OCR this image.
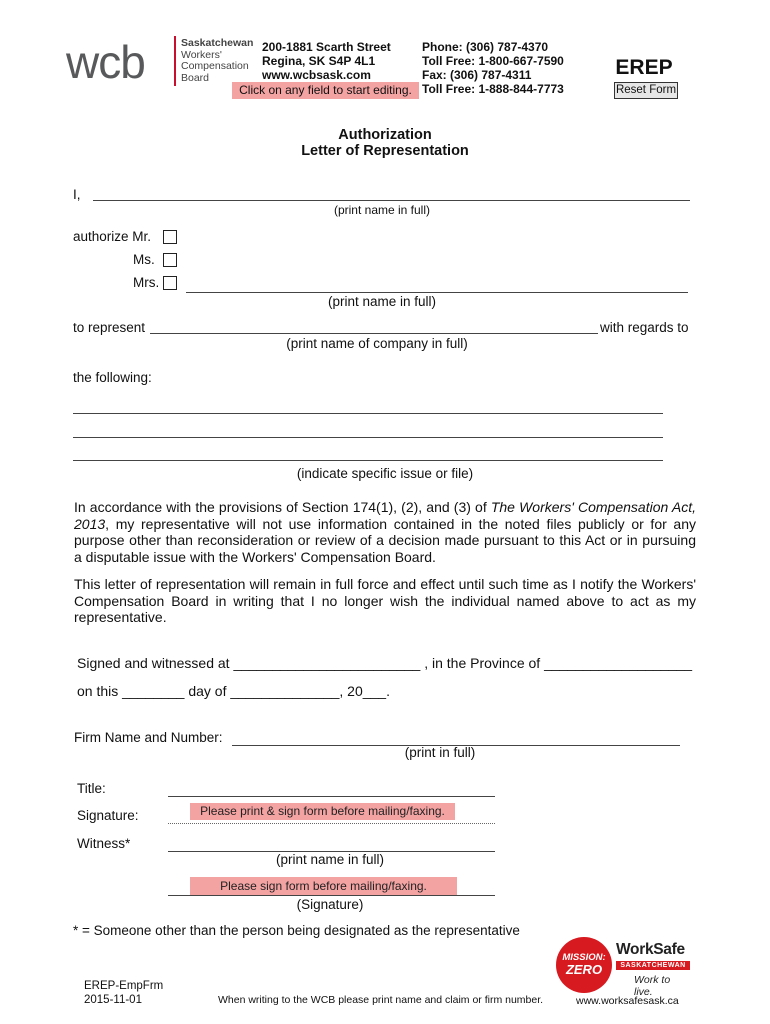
wcb	Saskatchewan
Workers'
Compensation
Board
200-1881 Scarth Street
Regina, SK S4P 4L1
www.wcbsask.com
Phone: (306) 787-4370
Toll Free: 1-800-667-7590
Fax: (306) 787-4311
Toll Free: 1-888-844-7773
Click on any field to start editing.
EREP
Reset Form
Authorization
Letter of Representation
I,
(print name in full)
authorize Mr.
Ms.
Mrs.
(print name in full)
to represent	with regards to
(print name of company in full)
the following:
(indicate specific issue or file)
In accordance with the provisions of Section 174(1), (2), and (3) of The Workers' Compensation Act, 2013, my representative will not use information contained in the noted files publicly or for any purpose other than reconsideration or review of a decision made pursuant to this Act or in pursuing a disputable issue with the Workers' Compensation Board.
This letter of representation will remain in full force and effect until such time as I notify the Workers' Compensation Board in writing that I no longer wish the individual named above to act as my representative.
Signed and witnessed at ________________________ , in the Province of ___________________
on this ________ day of ______________, 20___.
Firm Name and Number:
(print in full)
Title:
Signature:	Please print & sign form before mailing/faxing.
Witness*
(print name in full)
Please sign form before mailing/faxing.
(Signature)
* = Someone other than the person being designated as the representative
EREP-EmpFrm
2015-11-01	When writing to the WCB please print name and claim or firm number.
MISSION:
ZERO
WorkSafe
SASKATCHEWAN
Work to live.
www.worksafesask.ca
